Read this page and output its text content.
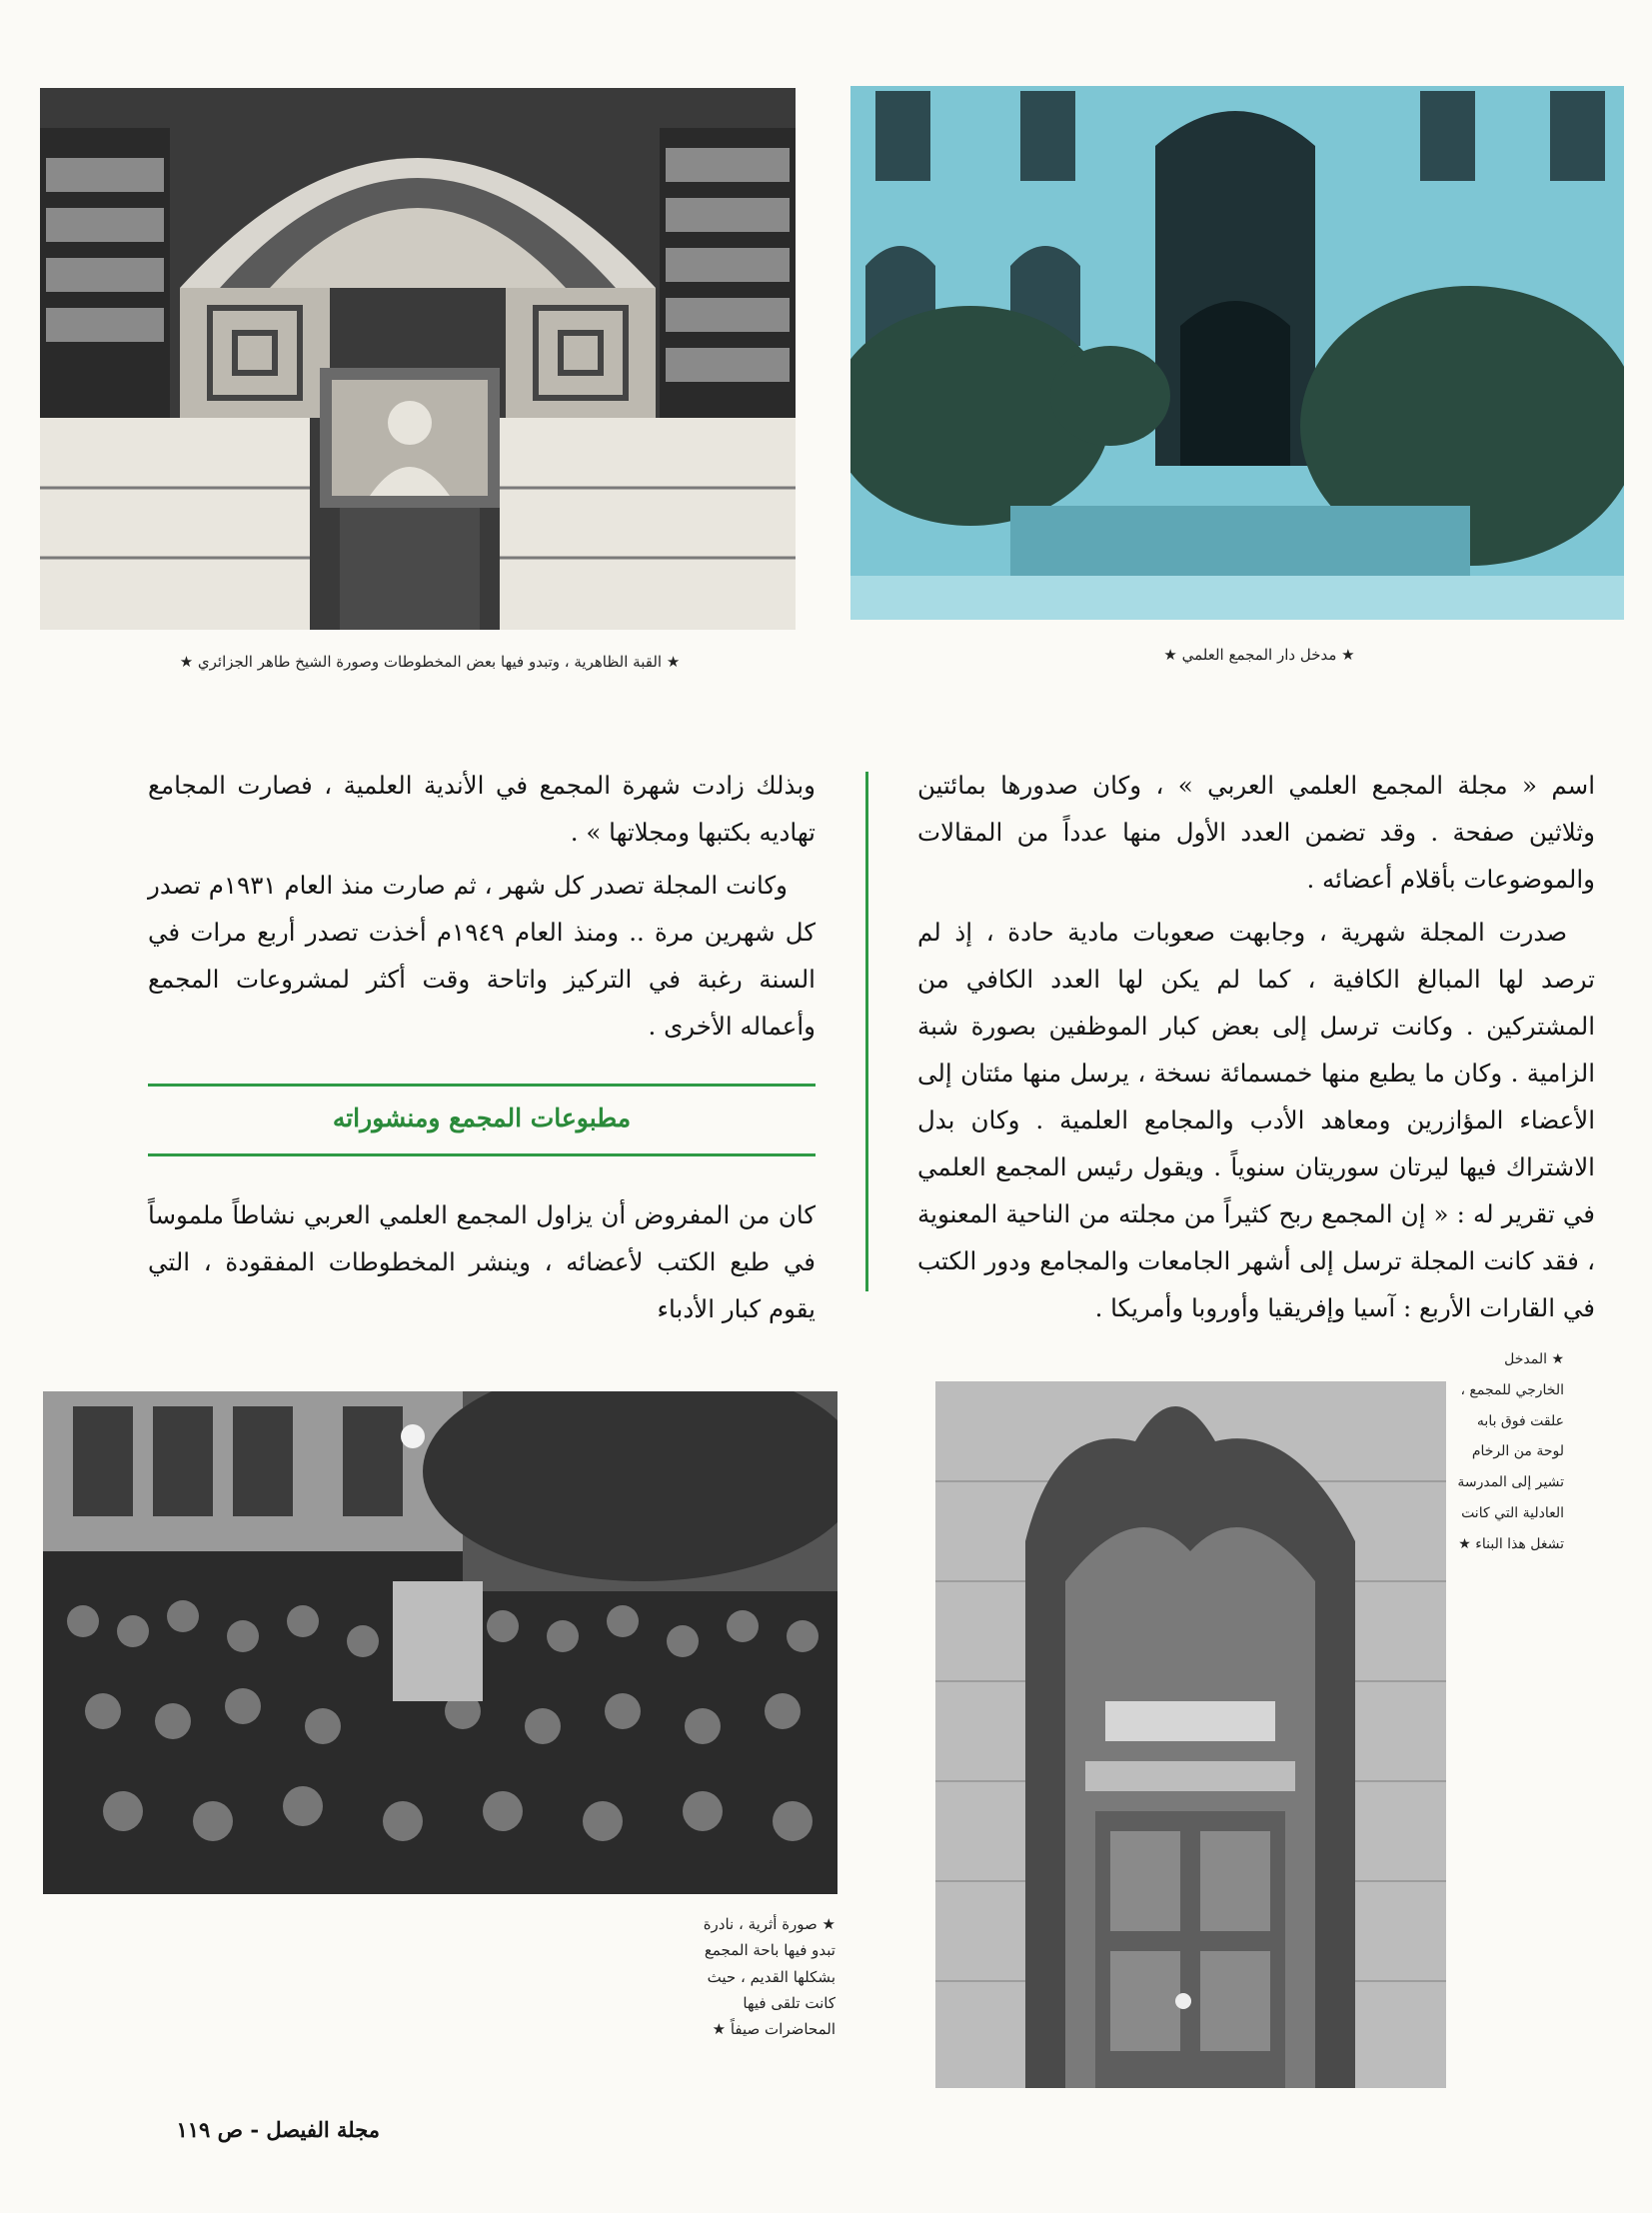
★ القبة الظاهرية ، وتبدو فيها بعض المخطوطات وصورة الشيخ طاهر الجزائري ★	★ مدخل دار المجمع العلمي ★

اسم « مجلة المجمع العلمي العربي » ، وكان صدورها بمائتين وثلاثين صفحة . وقد تضمن العدد الأول منها عدداً من المقالات والموضوعات بأقلام أعضائه .

صدرت المجلة شهرية ، وجابهت صعوبات مادية حادة ، إذ لم ترصد لها المبالغ الكافية ، كما لم يكن لها العدد الكافي من المشتركين . وكانت ترسل إلى بعض كبار الموظفين بصورة شبة الزامية . وكان ما يطبع منها خمسمائة نسخة ، يرسل منها مئتان إلى الأعضاء المؤازرين ومعاهد الأدب والمجامع العلمية . وكان بدل الاشتراك فيها ليرتان سوريتان سنوياً . ويقول رئيس المجمع العلمي في تقرير له : « إن المجمع ربح كثيراً من مجلته من الناحية المعنوية ، فقد كانت المجلة ترسل إلى أشهر الجامعات والمجامع ودور الكتب في القارات الأربع : آسيا وإفريقيا وأوروبا وأمريكا .

وبذلك زادت شهرة المجمع في الأندية العلمية ، فصارت المجامع تهاديه بكتبها ومجلاتها » .

وكانت المجلة تصدر كل شهر ، ثم صارت منذ العام ١٩٣١م تصدر كل شهرين مرة .. ومنذ العام ١٩٤٩م أخذت تصدر أربع مرات في السنة رغبة في التركيز واتاحة وقت أكثر لمشروعات المجمع وأعماله الأخرى .

مطبوعات المجمع ومنشوراته

كان من المفروض أن يزاول المجمع العلمي العربي نشاطاً ملموساً في طبع الكتب لأعضائه ، وينشر المخطوطات المفقودة ، التي يقوم كبار الأدباء

★ صورة أثرية ، نادرة تبدو فيها باحة المجمع بشكلها القديم ، حيث كانت تلقى فيها المحاضرات صيفاً ★
★ المدخل الخارجي للمجمع ، علقت فوق بابه لوحة من الرخام تشير إلى المدرسة العادلية التي كانت تشغل هذا البناء ★
مجلة الفيصل - ص ١١٩
